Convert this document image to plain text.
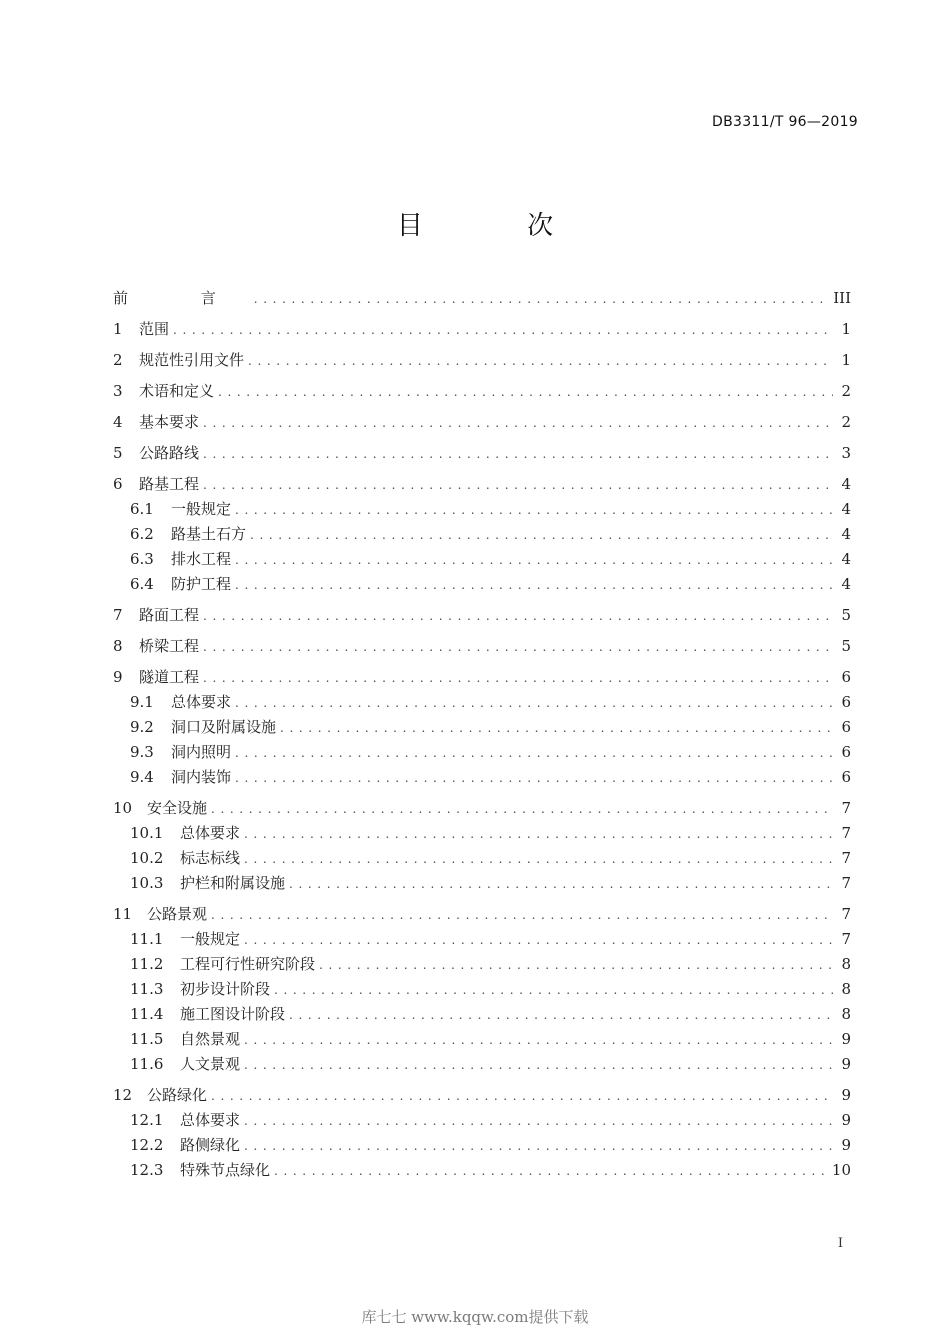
DB3311/T 96—2019
目 次
前 言 . . .	III
1	范围 . . .	1
2	规范性引用文件 . . .	1
3	术语和定义 . . .	2
4	基本要求 . . .	2
5	公路路线 . . .	3
6	路基工程 . . .	4
6.1	一般规定 . . .	4
6.2	路基土石方 . . .	4
6.3	排水工程 . . .	4
6.4	防护工程 . . .	4
7	路面工程 . . .	5
8	桥梁工程 . . .	5
9	隧道工程 . . .	6
9.1	总体要求 . . .	6
9.2	洞口及附属设施 . . .	6
9.3	洞内照明 . . .	6
9.4	洞内装饰 . . .	6
10 安全设施 . . .	7
10.1	总体要求 . . .	7
10.2	标志标线 . . .	7
10.3	护栏和附属设施 . . .	7
11 公路景观 . . .	7
11.1	一般规定 . . .	7
11.2	工程可行性研究阶段 . . .	8
11.3	初步设计阶段 . . .	8
11.4	施工图设计阶段 . . .	8
11.5	自然景观 . . .	9
11.6	人文景观 . . .	9
12 公路绿化 . . .	9
12.1	总体要求 . . .	9
12.2	路侧绿化 . . .	9
12.3	特殊节点绿化 . . .	10
I
库七七 www.kqqw.com提供下载
